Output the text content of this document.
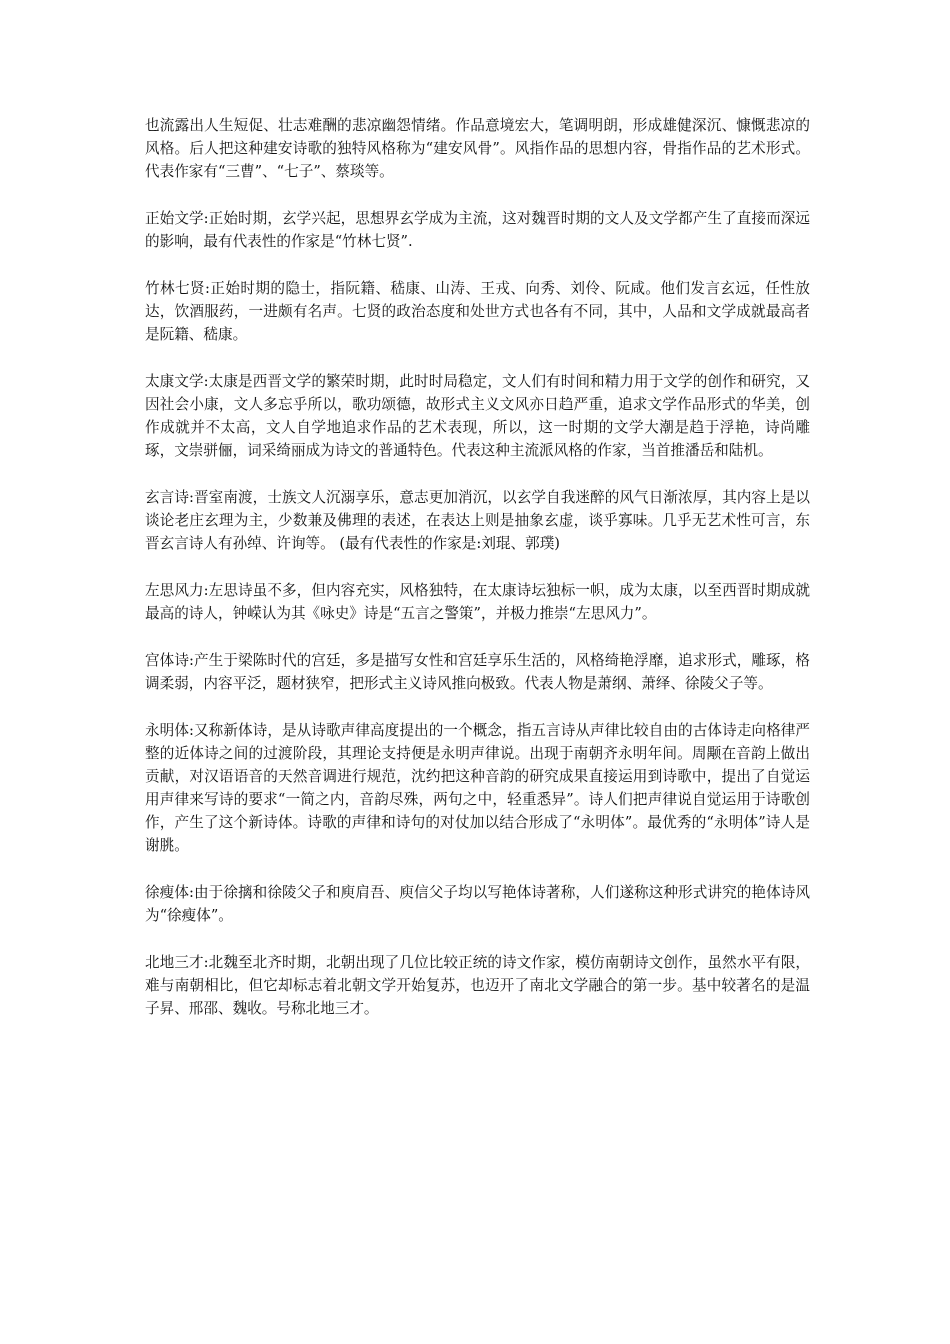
也流露出人生短促、壮志难酬的悲凉幽怨情绪。作品意境宏大，笔调明朗，形成雄健深沉、慷慨悲凉的风格。后人把这种建安诗歌的独特风格称为“建安风骨”。风指作品的思想内容，骨指作品的艺术形式。代表作家有“三曹”、“七子”、蔡琰等。

正始文学:正始时期，玄学兴起，思想界玄学成为主流，这对魏晋时期的文人及文学都产生了直接而深远的影响，最有代表性的作家是“竹林七贤”.

竹林七贤:正始时期的隐士，指阮籍、嵇康、山涛、王戎、向秀、刘伶、阮咸。他们发言玄远，任性放达，饮酒服药，一进颇有名声。七贤的政治态度和处世方式也各有不同，其中，人品和文学成就最高者是阮籍、嵇康。

太康文学:太康是西晋文学的繁荣时期，此时时局稳定，文人们有时间和精力用于文学的创作和研究，又因社会小康，文人多忘乎所以，歌功颂德，故形式主义文风亦日趋严重，追求文学作品形式的华美，创作成就并不太高，文人自学地追求作品的艺术表现，所以，这一时期的文学大潮是趋于浮艳，诗尚雕琢，文崇骈俪，词采绮丽成为诗文的普通特色。代表这种主流派风格的作家，当首推潘岳和陆机。

玄言诗:晋室南渡，士族文人沉溺享乐，意志更加消沉，以玄学自我迷醉的风气日渐浓厚，其内容上是以谈论老庄玄理为主，少数兼及佛理的表述，在表达上则是抽象玄虚，谈乎寡味。几乎无艺术性可言，东晋玄言诗人有孙绰、许询等。 (最有代表性的作家是:刘琨、郭璞)

左思风力:左思诗虽不多，但内容充实，风格独特，在太康诗坛独标一帜，成为太康，以至西晋时期成就最高的诗人，钟嵘认为其《咏史》诗是“五言之警策”，并极力推崇“左思风力”。

宫体诗:产生于梁陈时代的宫廷，多是描写女性和宫廷享乐生活的，风格绮艳浮靡，追求形式，雕琢，格调柔弱，内容平泛，题材狭窄，把形式主义诗风推向极致。代表人物是萧纲、萧绎、徐陵父子等。

永明体:又称新体诗，是从诗歌声律高度提出的一个概念，指五言诗从声律比较自由的古体诗走向格律严整的近体诗之间的过渡阶段，其理论支持便是永明声律说。出现于南朝齐永明年间。周颙在音韵上做出贡献，对汉语语音的天然音调进行规范，沈约把这种音韵的研究成果直接运用到诗歌中，提出了自觉运用声律来写诗的要求“一简之内，音韵尽殊，两句之中，轻重悉异”。诗人们把声律说自觉运用于诗歌创作，产生了这个新诗体。诗歌的声律和诗句的对仗加以结合形成了“永明体”。最优秀的“永明体”诗人是谢朓。

徐瘦体:由于徐摛和徐陵父子和庾肩吾、庾信父子均以写艳体诗著称，人们遂称这种形式讲究的艳体诗风为“徐瘦体”。

北地三才:北魏至北齐时期，北朝出现了几位比较正统的诗文作家，模仿南朝诗文创作，虽然水平有限，难与南朝相比，但它却标志着北朝文学开始复苏，也迈开了南北文学融合的第一步。基中较著名的是温子昇、邢邵、魏收。号称北地三才。
